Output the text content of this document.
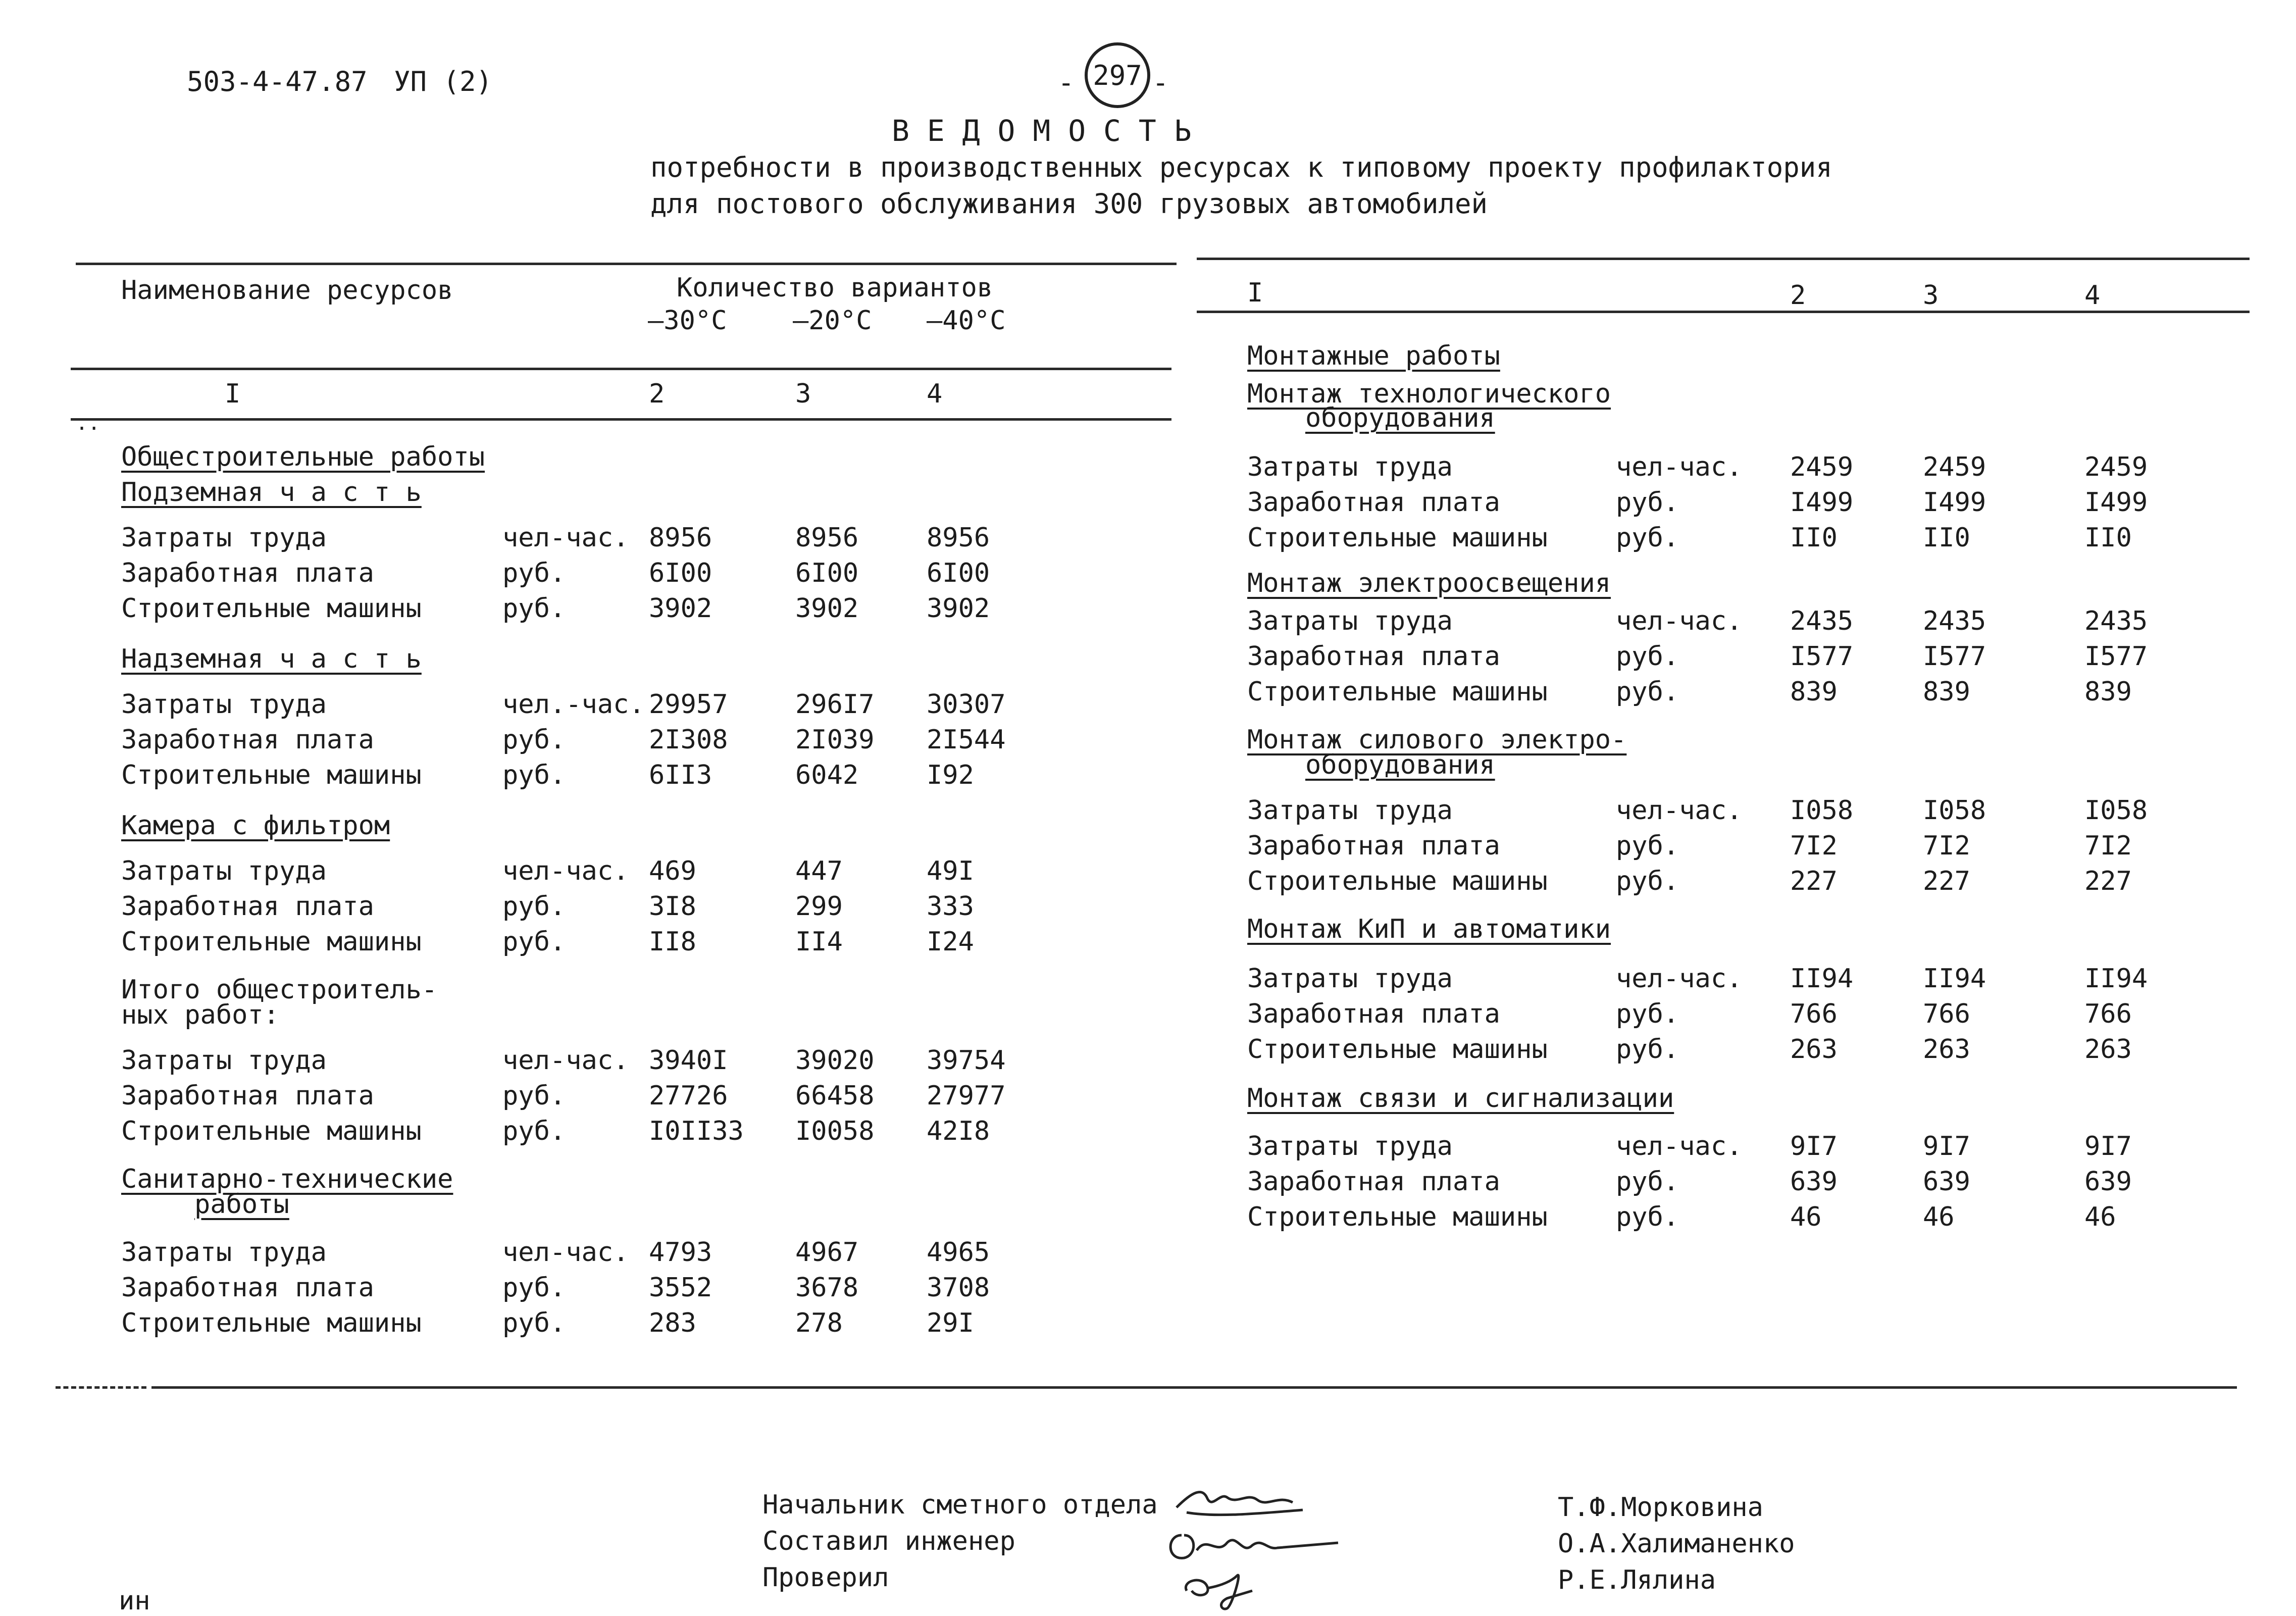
503-4-47.87 УП (2)	- 297 -
В Е Д О М О С Т Ь
потребности в производственных ресурсах к типовому проекту профилактория
для постового обслуживания 300 грузовых автомобилей
..
Наименование ресурсов	Количество вариантов
–30°C	–20°C –40°C
I	2	3	4
Общестроительные работы
Подземная ч а с т ь
Надземная ч а с т ь
Камера с фильтром
Итого общестроитель-
ных работ:
Санитарно-технические
работы
I	2	3	4
Монтажные работы
Монтаж технологического
оборудования
Монтаж электроосвещения
Монтаж силового электро-
оборудования
Монтаж КиП и автоматики
Монтаж связи и сигнализации
Начальник сметного отдела
Составил инженер
Проверил
Т.Ф.Морковина
О.А.Халиманенко
Р.Е.Лялина
ин
Затраты труда	чел-час. 8956	8956	8956
Заработная плата	руб.	6I00	6I00	6I00
Строительные машины	руб.	3902	3902	3902
Затраты труда	чел.-час. 29957	296I7 30307
Заработная плата	руб.	2I308	2I039 2I544
Строительные машины	руб.	6II3	6042	I92
Затраты труда	чел-час. 469	447	49I
Заработная плата	руб.	3I8	299	333
Строительные машины	руб.	II8	II4	I24
Затраты труда	чел-час. 3940I	39020 39754
Заработная плата	руб.	27726	66458 27977
Строительные машины	руб.	I0II33 I0058 42I8
Затраты труда	чел-час. 4793	4967	4965
Заработная плата	руб.	3552	3678	3708
Строительные машины	руб.	283	278	29I
Затраты труда	чел-час. 2459	2459	2459
Заработная плата	руб.	I499	I499	I499
Строительные машины	руб.	II0	II0	II0
Затраты труда	чел-час. 2435	2435	2435
Заработная плата	руб.	I577	I577	I577
Строительные машины	руб.	839	839	839
Затраты труда	чел-час. I058	I058	I058
Заработная плата	руб.	7I2	7I2	7I2
Строительные машины	руб.	227	227	227
Затраты труда	чел-час. II94	II94	II94
Заработная плата	руб.	766	766	766
Строительные машины	руб.	263	263	263
Затраты труда	чел-час. 9I7	9I7	9I7
Заработная плата	руб.	639	639	639
Строительные машины	руб.	46	46	46
